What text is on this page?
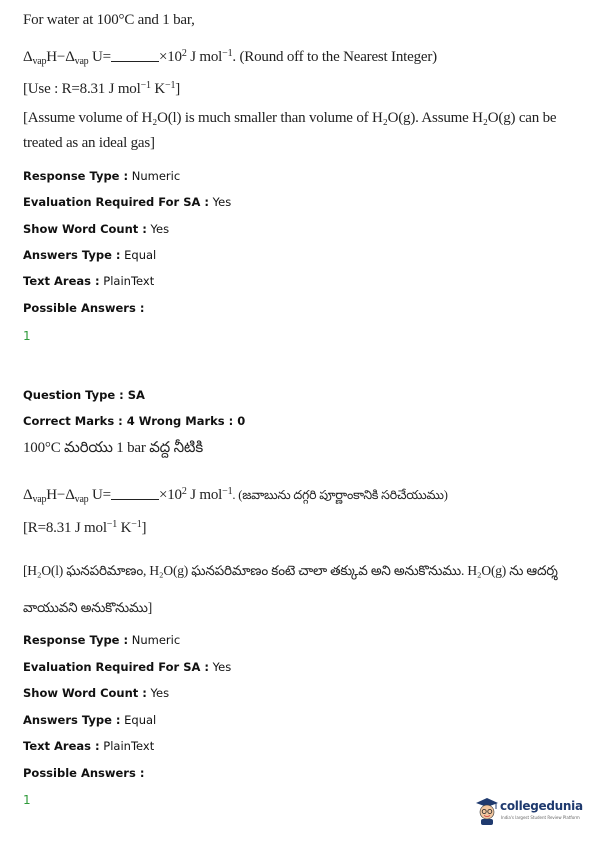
For water at 100°C and 1 bar,
$\Delta_{vap}H-\Delta_{vap}$ U=	$\times 10^2$ J mol$^{-1}$. (Round off to the Nearest Integer)
[Use : R=8.31 J mol$^{-1}$ $K^{-1}$]
[Assume volume of H₂O(l) is much smaller than volume of H₂O(g). Assume H₂O(g) can be
treated as an ideal gas]
Response Type : Numeric
Evaluation Required For SA : Yes
Show Word Count : Yes
Answers Type : Equal
Text Areas : PlainText
Possible Answers :
1
Question Type : SA
Correct Marks : 4 Wrong Marks : 0
100°C మరియు 1 bar వద్ద నీటికి
$\Delta_{vap}H-\Delta_{vap}$ U=	$\times 10^2$ J mol$^{-1}$. (జవాబును దగ్గరి పూర్ణాంకానికి సరిచేయుము)
[R=8.31 J mol$^{-1}$ $K^{-1}$]
[H₂O(l) ఘనపరిమాణం, H₂O(g) ఘనపరిమాణం కంటె చాలా తక్కువ అని అనుకొనుము. H₂O(g) ను ఆదర్శ
వాయువని అనుకొనుము]
Response Type : Numeric
Evaluation Required For SA : Yes
Show Word Count : Yes
Answers Type : Equal
Text Areas : PlainText
Possible Answers :
1	collegedunia
India's largest Student Review Platform
